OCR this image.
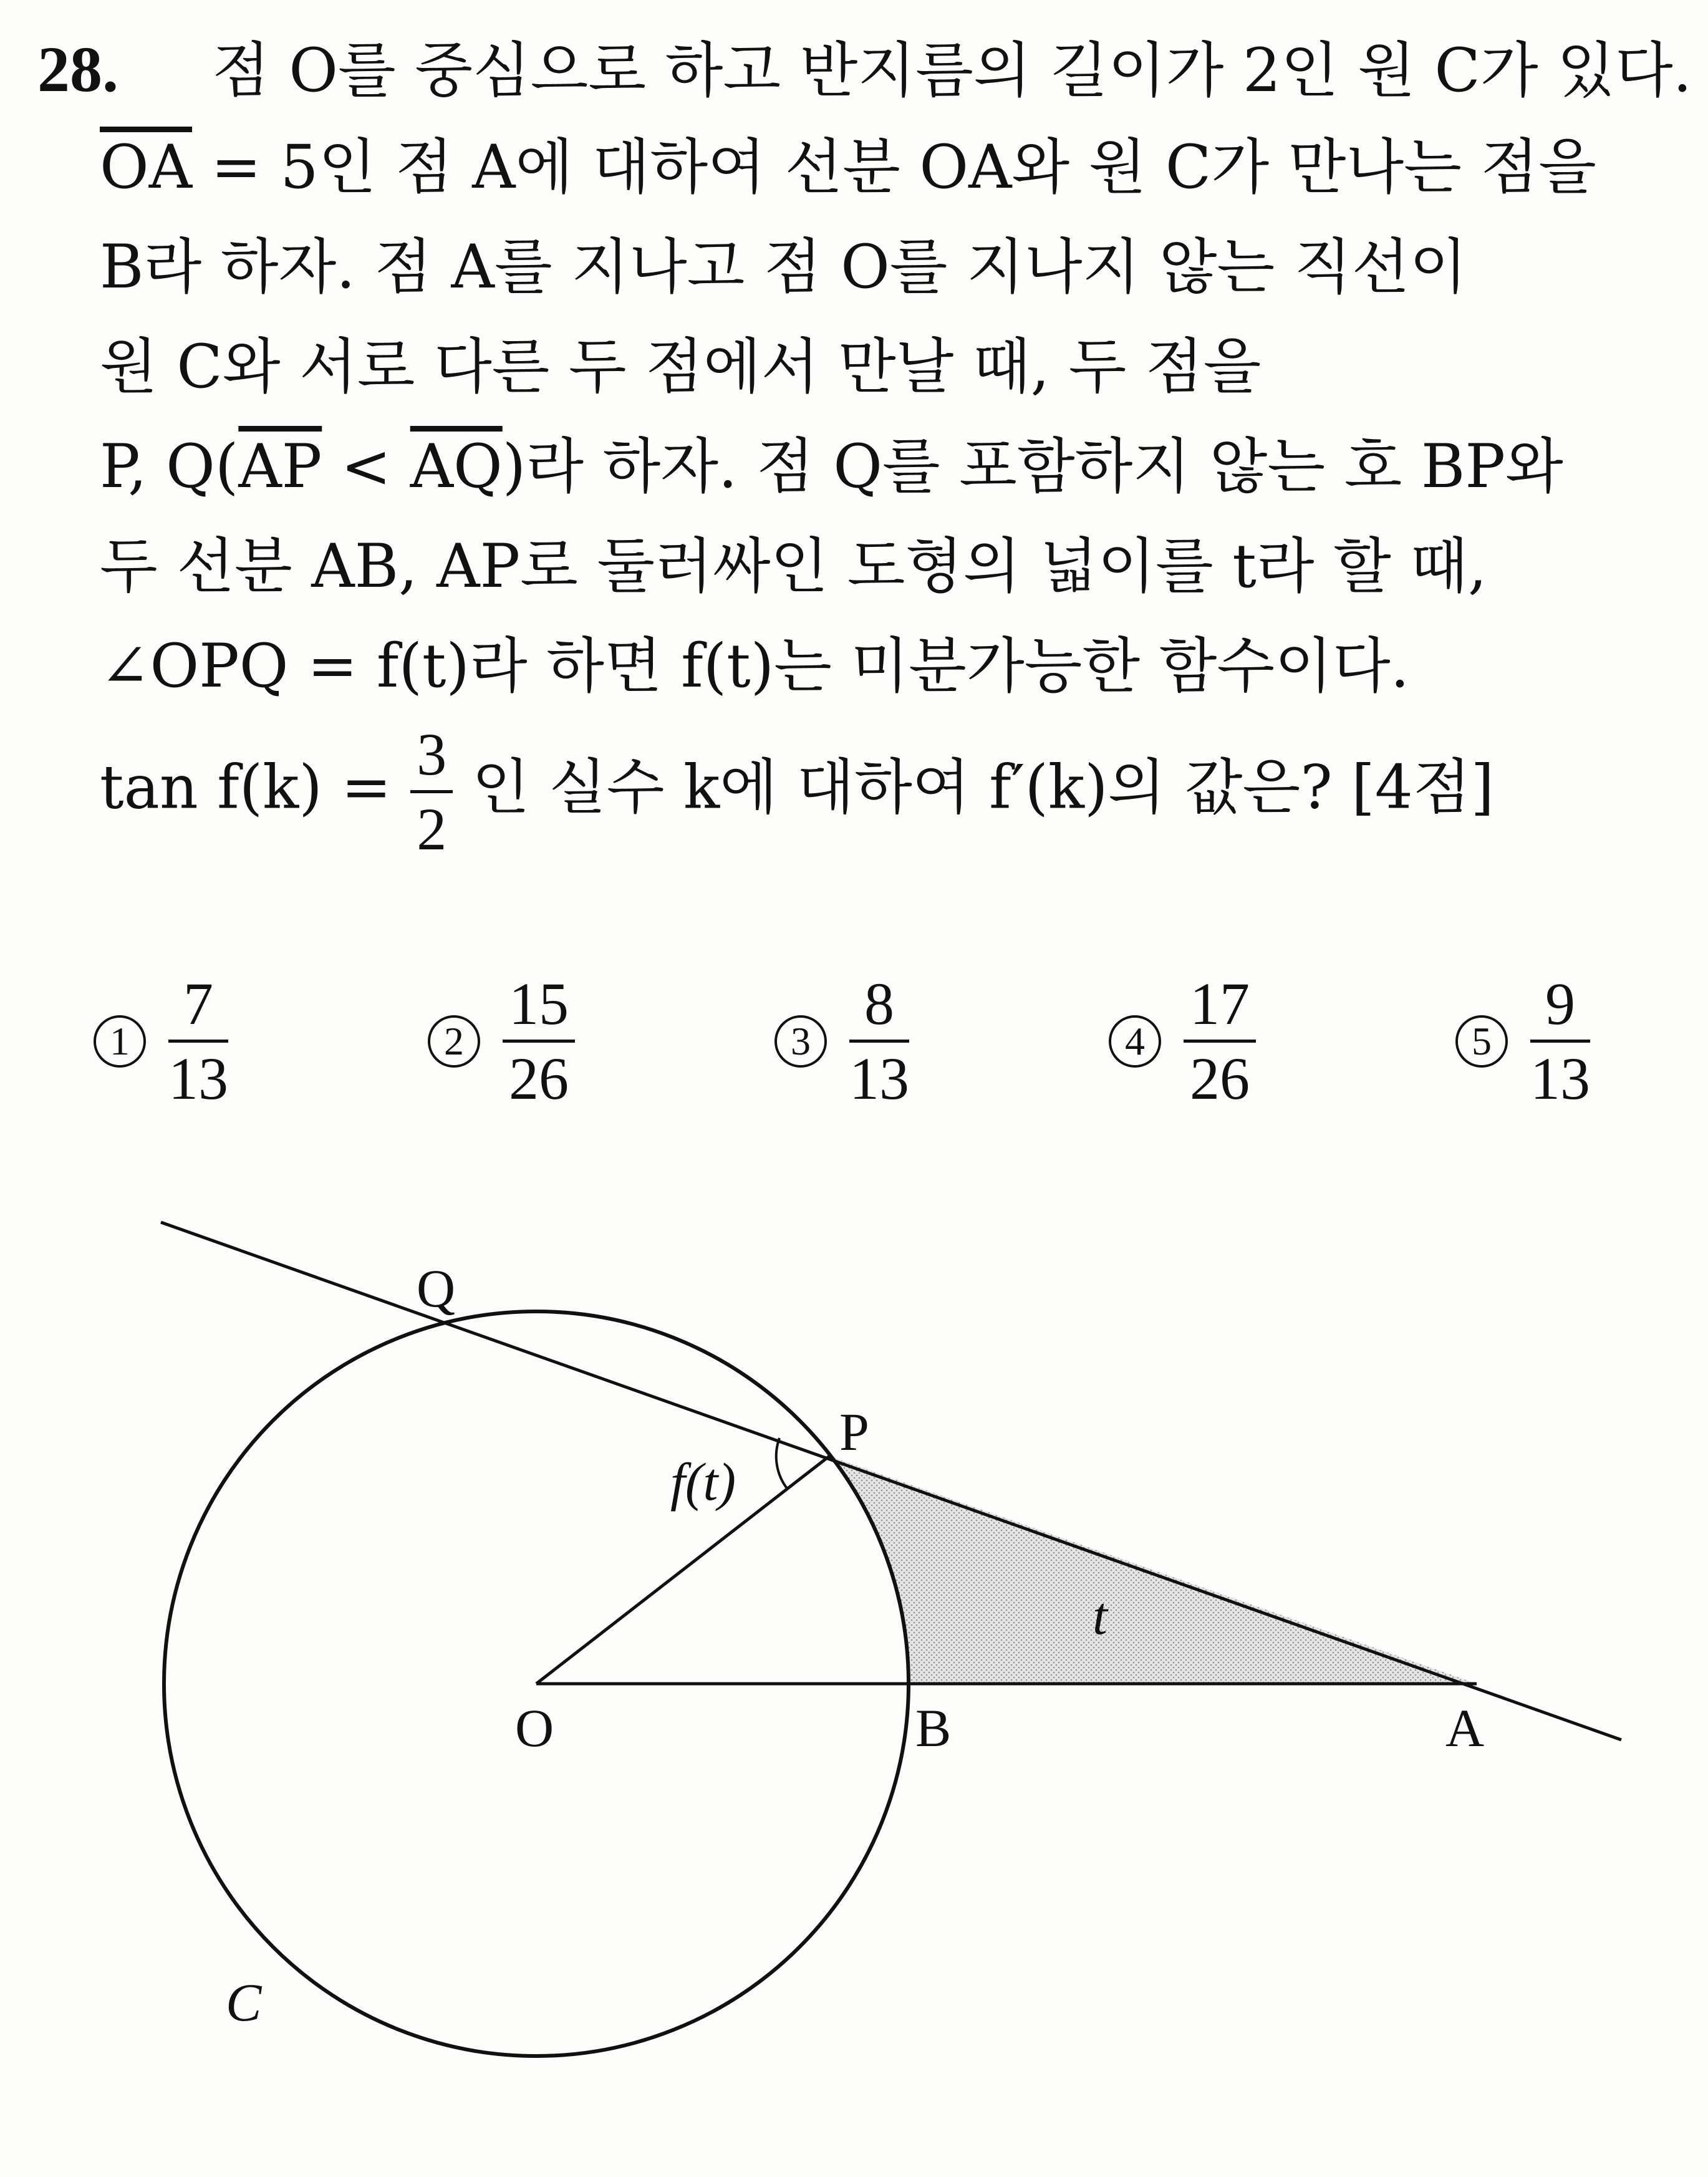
28. 점 O를 중심으로 하고 반지름의 길이가 2인 원 C가 있다.
$\overline{OA} = 5$인 점 A에 대하여 선분 OA와 원 C가 만나는 점을
B라 하자. 점 A를 지나고 점 O를 지나지 않는 직선이
원 C와 서로 다른 두 점에서 만날 때, 두 점을
P, $Q(\overline{AP} < \overline{AQ})$라 하자. 점 Q를 포함하지 않는 호 BP와
두 선분 AB, AP로 둘러싸인 도형의 넓이를 t라 할 때,
∠OPQ = f(t)라 하면 f(t)는 미분가능한 함수이다.
$\tan f(k) = \frac{3}{2}$ 인 실수 k에 대하여 f′(k)의 값은? [4점]
$1 \frac{7}{13}$	$2 \frac{15}{26}$	$3 \frac{8}{13}$	$4 \frac{17}{26}$	$5 \frac{9}{13}$
Q
P
O	B	A
C
t
f(t)
